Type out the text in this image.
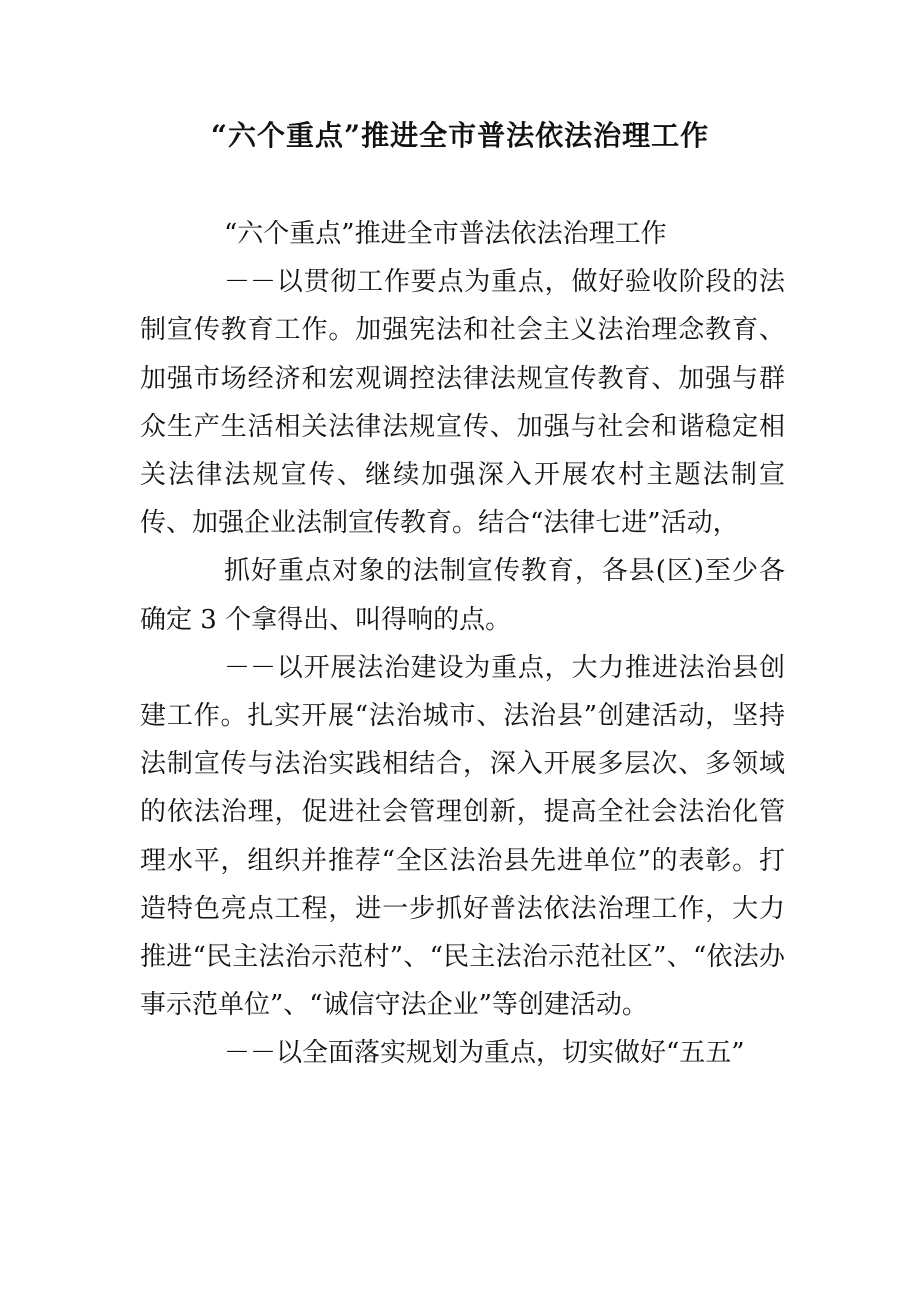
“六个重点”推进全市普法依法治理工作

“六个重点”推进全市普法依法治理工作

－－以贯彻工作要点为重点，做好验收阶段的法制宣传教育工作。加强宪法和社会主义法治理念教育、加强市场经济和宏观调控法律法规宣传教育、加强与群众生产生活相关法律法规宣传、加强与社会和谐稳定相关法律法规宣传、继续加强深入开展农村主题法制宣传、加强企业法制宣传教育。结合“法律七进”活动，

抓好重点对象的法制宣传教育，各县(区)至少各确定 3 个拿得出、叫得响的点。

－－以开展法治建设为重点，大力推进法治县创建工作。扎实开展“法治城市、法治县”创建活动，坚持法制宣传与法治实践相结合，深入开展多层次、多领域的依法治理，促进社会管理创新，提高全社会法治化管理水平，组织并推荐“全区法治县先进单位”的表彰。打造特色亮点工程，进一步抓好普法依法治理工作，大力推进“民主法治示范村”、“民主法治示范社区”、“依法办事示范单位”、“诚信守法企业”等创建活动。

－－以全面落实规划为重点，切实做好“五五”
